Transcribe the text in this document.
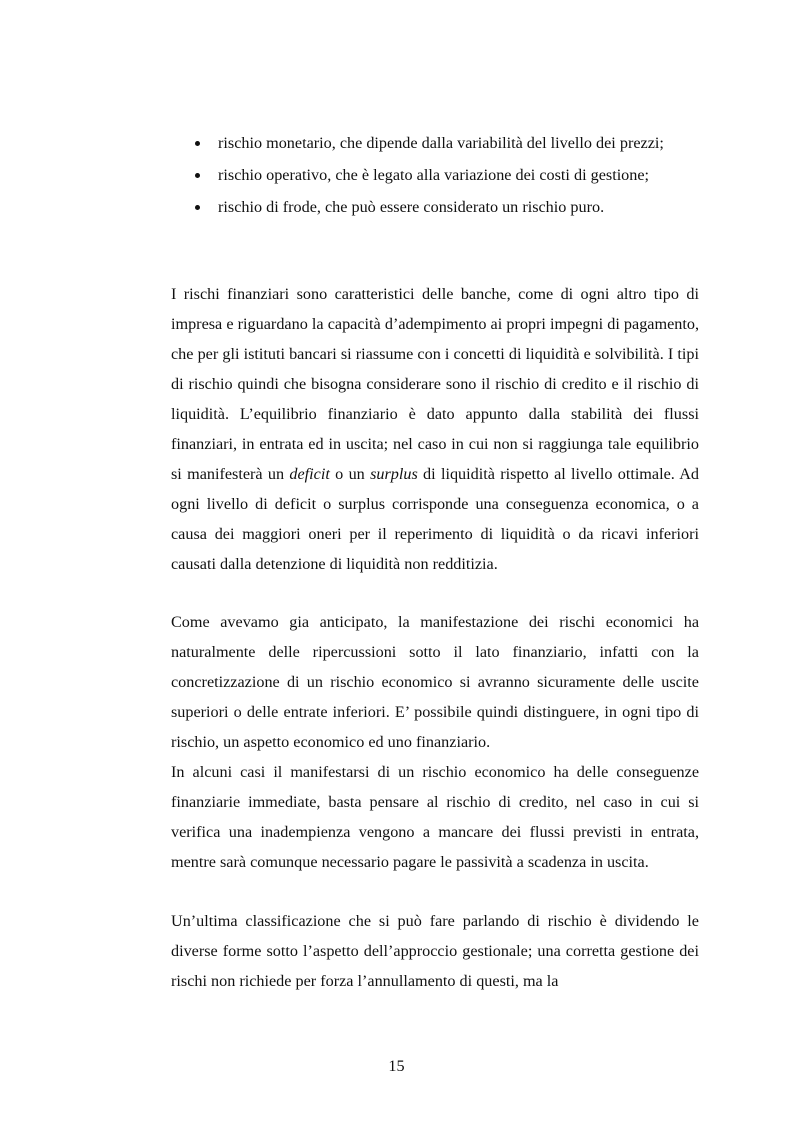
rischio monetario, che dipende dalla variabilità del livello dei prezzi;
rischio operativo, che è legato alla variazione dei costi di gestione;
rischio di frode, che può essere considerato un rischio puro.

I rischi finanziari sono caratteristici delle banche, come di ogni altro tipo di impresa e riguardano la capacità d’adempimento ai propri impegni di pagamento, che per gli istituti bancari si riassume con i concetti di liquidità e solvibilità. I tipi di rischio quindi che bisogna considerare sono il rischio di credito e il rischio di liquidità. L’equilibrio finanziario è dato appunto dalla stabilità dei flussi finanziari, in entrata ed in uscita; nel caso in cui non si raggiunga tale equilibrio si manifesterà un deficit o un surplus di liquidità rispetto al livello ottimale. Ad ogni livello di deficit o surplus corrisponde una conseguenza economica, o a causa dei maggiori oneri per il reperimento di liquidità o da ricavi inferiori causati dalla detenzione di liquidità non redditizia.

Come avevamo gia anticipato, la manifestazione dei rischi economici ha naturalmente delle ripercussioni sotto il lato finanziario, infatti con la concretizzazione di un rischio economico si avranno sicuramente delle uscite superiori o delle entrate inferiori. E’ possibile quindi distinguere, in ogni tipo di rischio, un aspetto economico ed uno finanziario.

In alcuni casi il manifestarsi di un rischio economico ha delle conseguenze finanziarie immediate, basta pensare al rischio di credito, nel caso in cui si verifica una inadempienza vengono a mancare dei flussi previsti in entrata, mentre sarà comunque necessario pagare le passività a scadenza in uscita.

Un’ultima classificazione che si può fare parlando di rischio è dividendo le diverse forme sotto l’aspetto dell’approccio gestionale; una corretta gestione dei rischi non richiede per forza l’annullamento di questi, ma la

15
